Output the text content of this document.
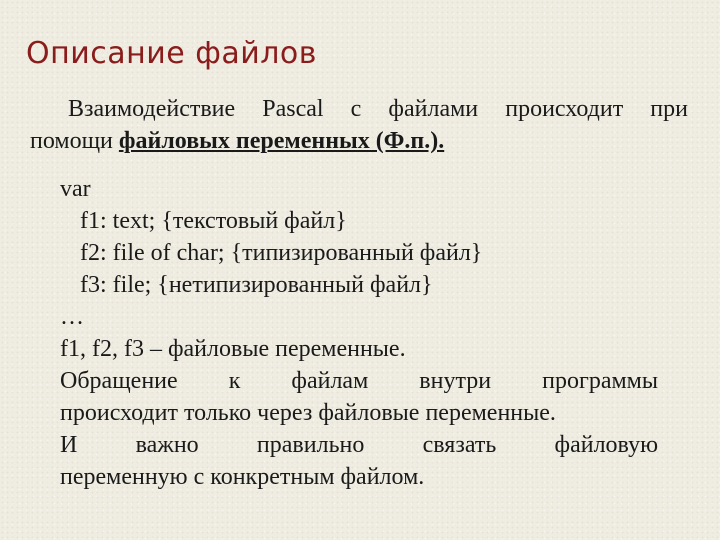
Описание файлов
Взаимодействие Pascal с файлами происходит при
помощи файловых переменных (Ф.п.).
var
f1: text; {текстовый файл}
f2: file of char; {типизированный файл}
f3: file; {нетипизированный файл}
…
f1, f2, f3 – файловые переменные.
Обращение к файлам внутри программы
происходит только через файловые переменные.
И важно правильно связать файловую
переменную с конкретным файлом.
